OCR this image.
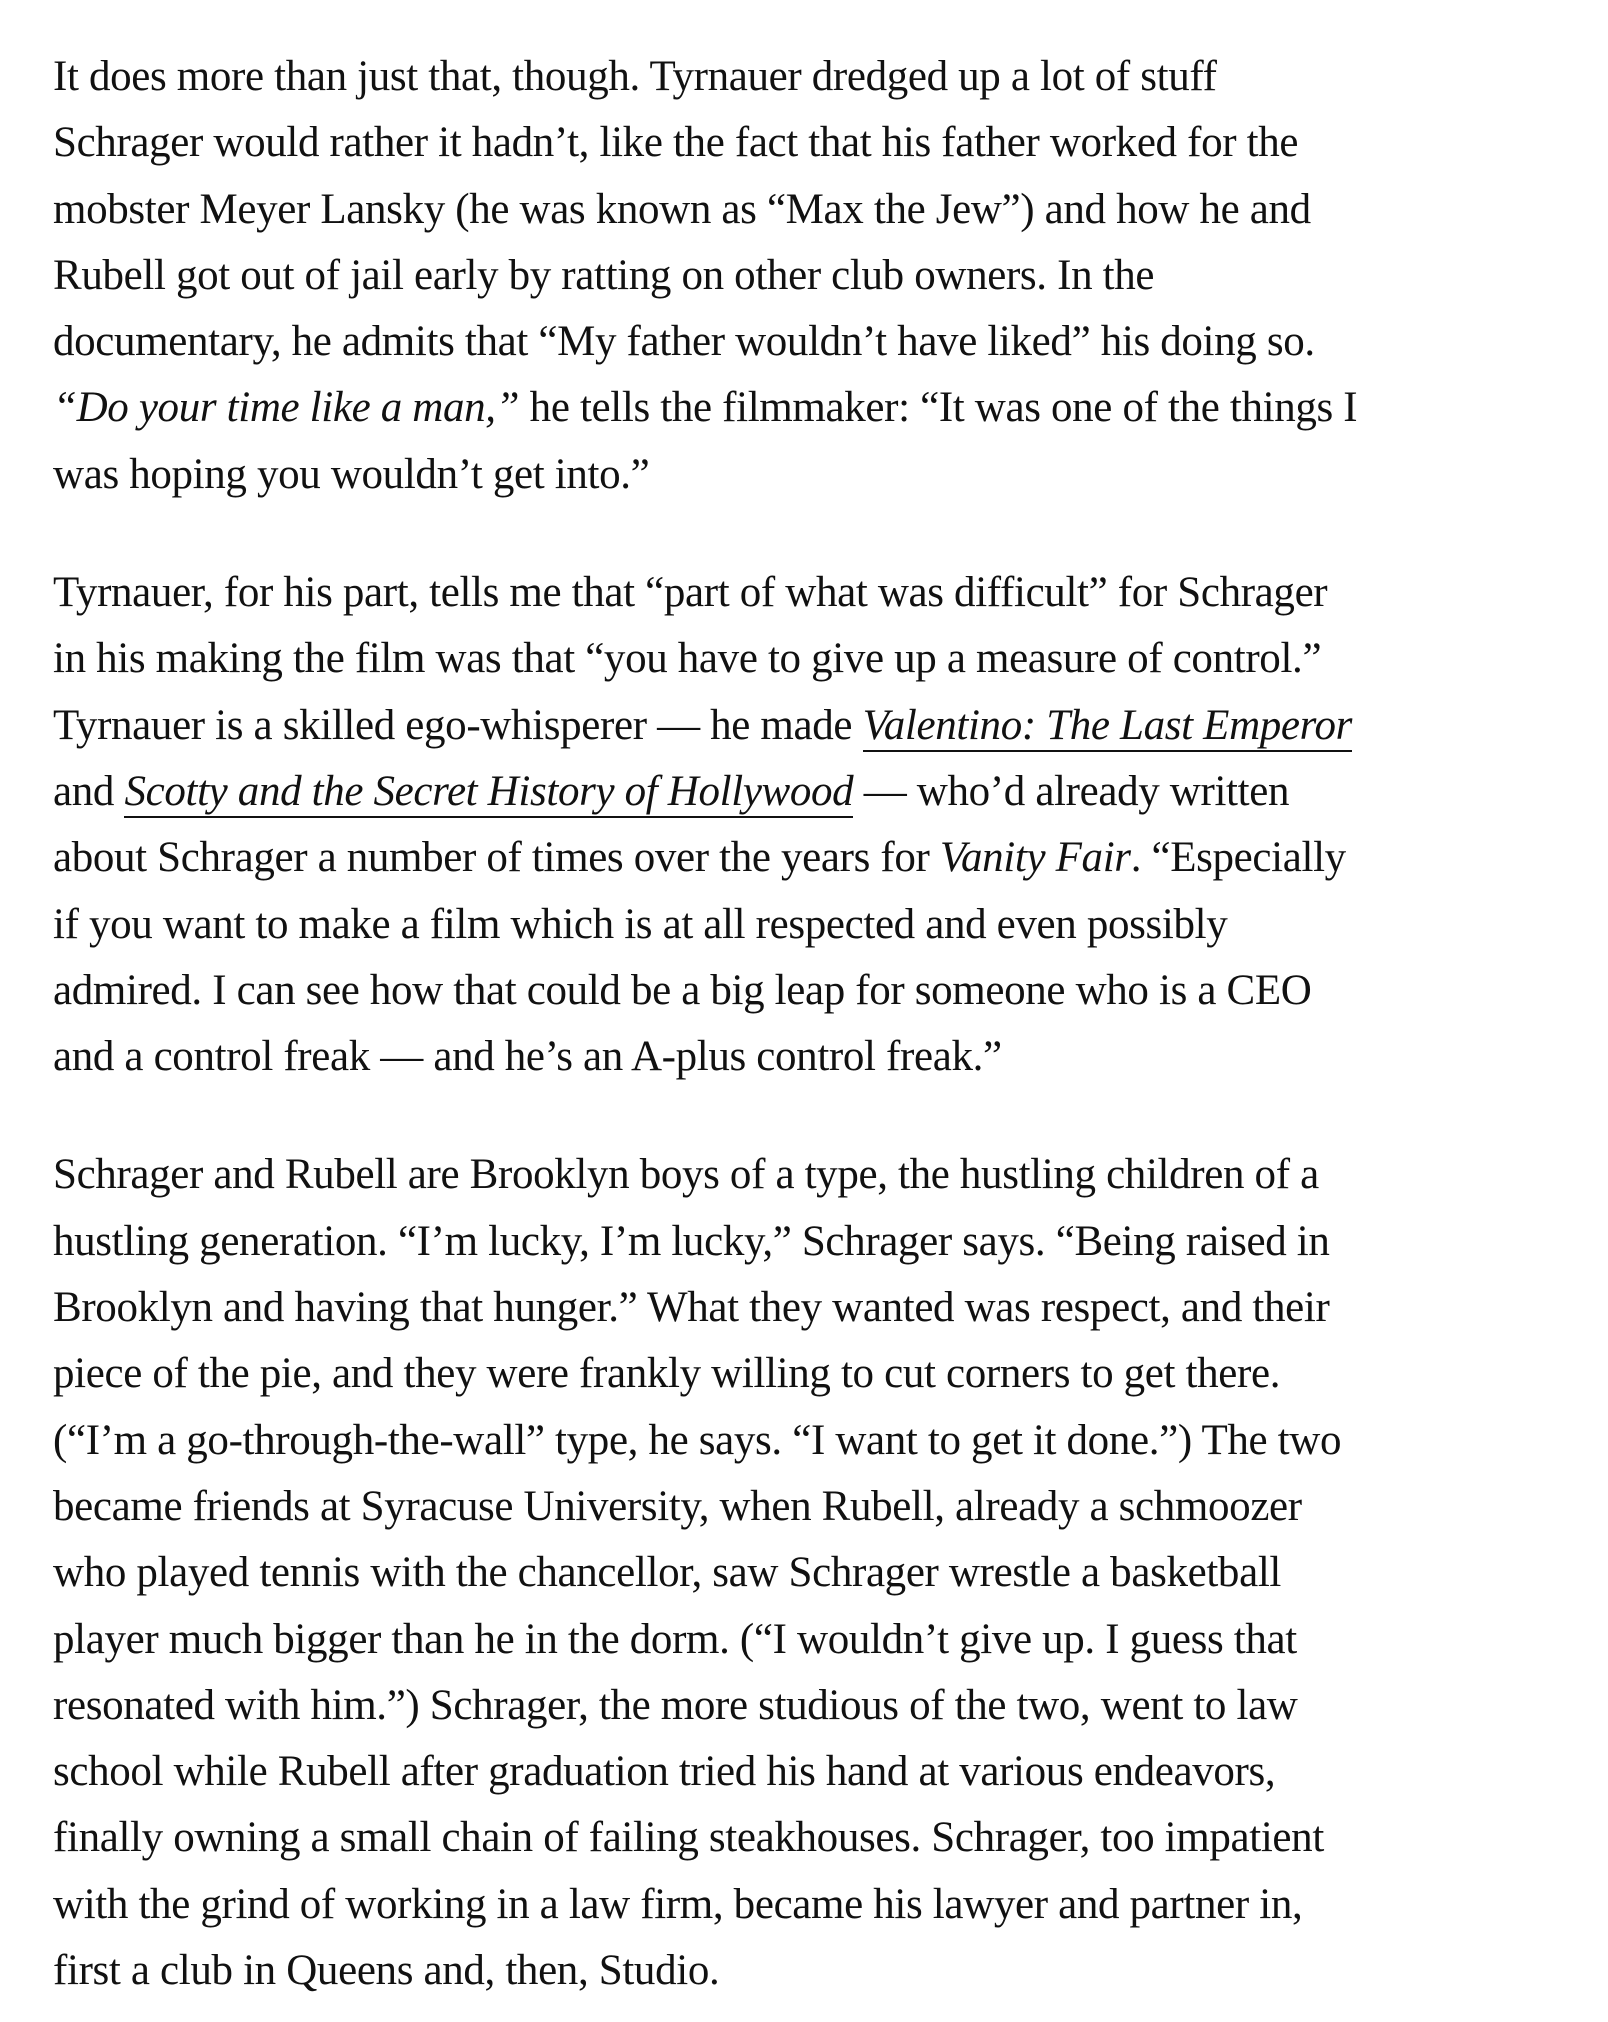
It does more than just that, though. Tyrnauer dredged up a lot of stuff
Schrager would rather it hadn’t, like the fact that his father worked for the
mobster Meyer Lansky (he was known as “Max the Jew”) and how he and
Rubell got out of jail early by ratting on other club owners. In the
documentary, he admits that “My father wouldn’t have liked” his doing so.
“Do your time like a man,” he tells the filmmaker: “It was one of the things I
was hoping you wouldn’t get into.”

Tyrnauer, for his part, tells me that “part of what was difficult” for Schrager
in his making the film was that “you have to give up a measure of control.”
Tyrnauer is a skilled ego-whisperer — he made Valentino: The Last Emperor
and Scotty and the Secret History of Hollywood — who’d already written
about Schrager a number of times over the years for Vanity Fair. “Especially
if you want to make a film which is at all respected and even possibly
admired. I can see how that could be a big leap for someone who is a CEO
and a control freak — and he’s an A-plus control freak.”

Schrager and Rubell are Brooklyn boys of a type, the hustling children of a
hustling generation. “I’m lucky, I’m lucky,” Schrager says. “Being raised in
Brooklyn and having that hunger.” What they wanted was respect, and their
piece of the pie, and they were frankly willing to cut corners to get there.
(“I’m a go-through-the-wall” type, he says. “I want to get it done.”) The two
became friends at Syracuse University, when Rubell, already a schmoozer
who played tennis with the chancellor, saw Schrager wrestle a basketball
player much bigger than he in the dorm. (“I wouldn’t give up. I guess that
resonated with him.”) Schrager, the more studious of the two, went to law
school while Rubell after graduation tried his hand at various endeavors,
finally owning a small chain of failing steakhouses. Schrager, too impatient
with the grind of working in a law firm, became his lawyer and partner in,
first a club in Queens and, then, Studio.
